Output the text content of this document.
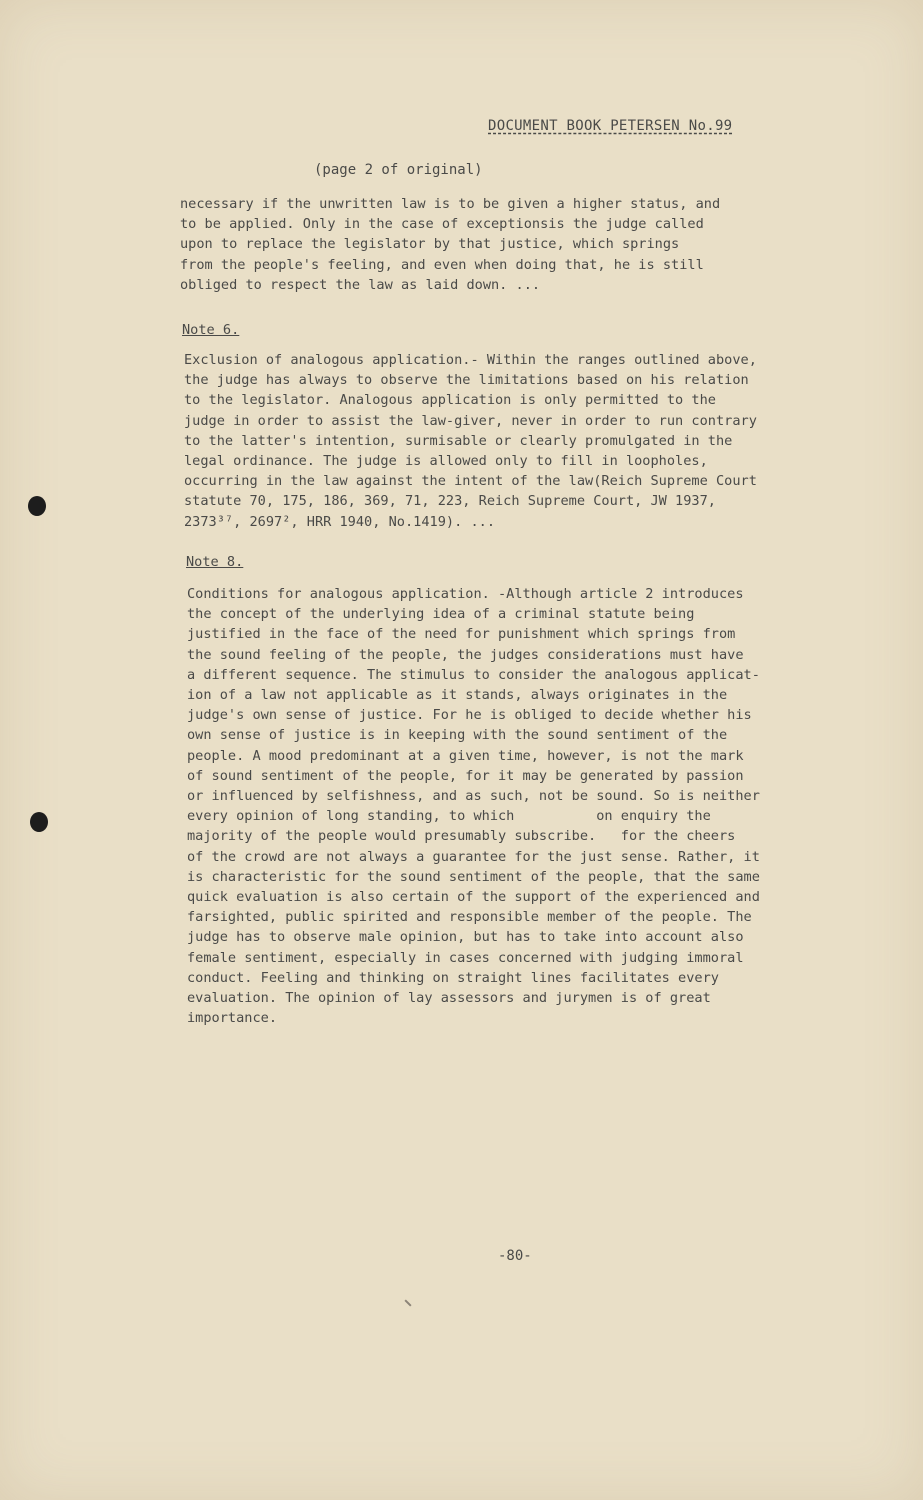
DOCUMENT BOOK PETERSEN No.99
(page 2 of original)
necessary if the unwritten law is to be given a higher status, and
to be applied. Only in the case of exceptionsis the judge called
upon to replace the legislator by that justice, which springs
from the people's feeling, and even when doing that, he is still
obliged to respect the law as laid down. ...
Note 6.
Exclusion of analogous application.- Within the ranges outlined above,
the judge has always to observe the limitations based on his relation
to the legislator. Analogous application is only permitted to the
judge in order to assist the law-giver, never in order to run contrary
to the latter's intention, surmisable or clearly promulgated in the
legal ordinance. The judge is allowed only to fill in loopholes,
occurring in the law against the intent of the law(Reich Supreme Court
statute 70, 175, 186, 369, 71, 223, Reich Supreme Court, JW 1937,
2373³⁷, 2697², HRR 1940, No.1419). ...
Note 8.
Conditions for analogous application. -Although article 2 introduces
the concept of the underlying idea of a criminal statute being
justified in the face of the need for punishment which springs from
the sound feeling of the people, the judges considerations must have
a different sequence. The stimulus to consider the analogous applicat-
ion of a law not applicable as it stands, always originates in the
judge's own sense of justice. For he is obliged to decide whether his
own sense of justice is in keeping with the sound sentiment of the
people. A mood predominant at a given time, however, is not the mark
of sound sentiment of the people, for it may be generated by passion
or influenced by selfishness, and as such, not be sound. So is neither
every opinion of long standing, to which          on enquiry the
majority of the people would presumably subscribe.   for the cheers
of the crowd are not always a guarantee for the just sense. Rather, it
is characteristic for the sound sentiment of the people, that the same
quick evaluation is also certain of the support of the experienced and
farsighted, public spirited and responsible member of the people. The
judge has to observe male opinion, but has to take into account also
female sentiment, especially in cases concerned with judging immoral
conduct. Feeling and thinking on straight lines facilitates every
evaluation. The opinion of lay assessors and jurymen is of great
importance.
-80-
